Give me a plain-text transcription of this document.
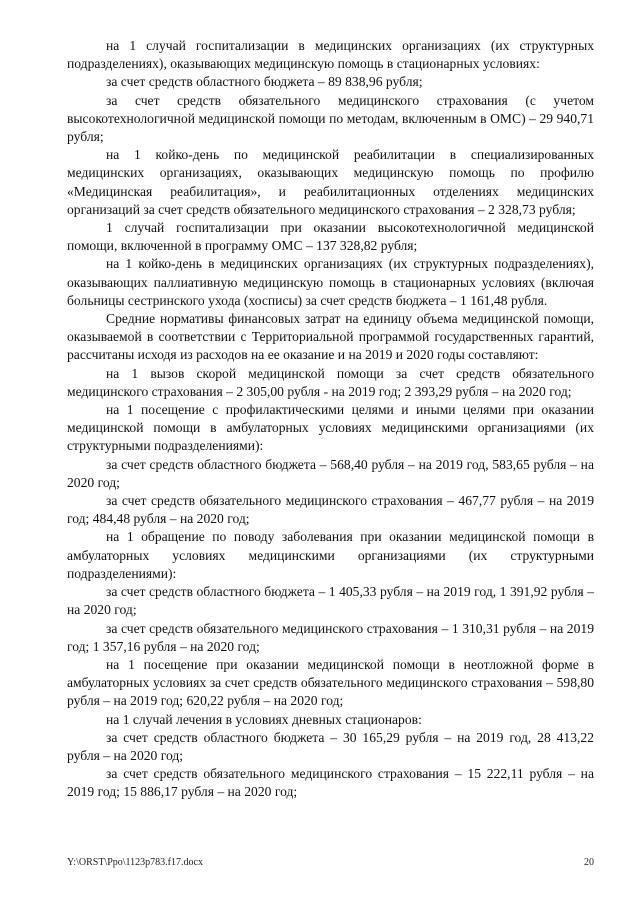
на 1 случай госпитализации в медицинских организациях (их структурных подразделениях), оказывающих медицинскую помощь в стационарных условиях:

за счет средств областного бюджета – 89 838,96 рубля;

за счет средств обязательного медицинского страхования (с учетом высокотехнологичной медицинской помощи по методам, включенным в ОМС) – 29 940,71 рубля;

на 1 койко-день по медицинской реабилитации в специализированных медицинских организациях, оказывающих медицинскую помощь по профилю «Медицинская реабилитация», и реабилитационных отделениях медицинских организаций за счет средств обязательного медицинского страхования – 2 328,73 рубля;

1 случай госпитализации при оказании высокотехнологичной медицинской помощи, включенной в программу ОМС – 137 328,82 рубля;

на 1 койко-день в медицинских организациях (их структурных подразделениях), оказывающих паллиативную медицинскую помощь в стационарных условиях (включая больницы сестринского ухода (хосписы) за счет средств бюджета – 1 161,48 рубля.

Средние нормативы финансовых затрат на единицу объема медицинской помощи, оказываемой в соответствии с Территориальной программой государственных гарантий, рассчитаны исходя из расходов на ее оказание и на 2019 и 2020 годы составляют:

на 1 вызов скорой медицинской помощи за счет средств обязательного медицинского страхования – 2 305,00 рубля - на 2019 год; 2 393,29 рубля – на 2020 год;

на 1 посещение с профилактическими целями и иными целями при оказании медицинской помощи в амбулаторных условиях медицинскими организациями (их структурными подразделениями):

за счет средств областного бюджета – 568,40 рубля – на 2019 год, 583,65 рубля – на 2020 год;

за счет средств обязательного медицинского страхования – 467,77 рубля – на 2019 год; 484,48 рубля – на 2020 год;

на 1 обращение по поводу заболевания при оказании медицинской помощи в амбулаторных условиях медицинскими организациями (их структурными подразделениями):

за счет средств областного бюджета – 1 405,33 рубля – на 2019 год, 1 391,92 рубля – на 2020 год;

за счет средств обязательного медицинского страхования – 1 310,31 рубля – на 2019 год; 1 357,16 рубля – на 2020 год;

на 1 посещение при оказании медицинской помощи в неотложной форме в амбулаторных условиях за счет средств обязательного медицинского страхования – 598,80 рубля – на 2019 год; 620,22 рубля – на 2020 год;

на 1 случай лечения в условиях дневных стационаров:

за счет средств областного бюджета – 30 165,29 рубля – на 2019 год, 28 413,22 рубля – на 2020 год;

за счет средств обязательного медицинского страхования – 15 222,11 рубля – на 2019 год; 15 886,17 рубля – на 2020 год;

Y:\ORST\Ppo\1123p783.f17.docx	20
